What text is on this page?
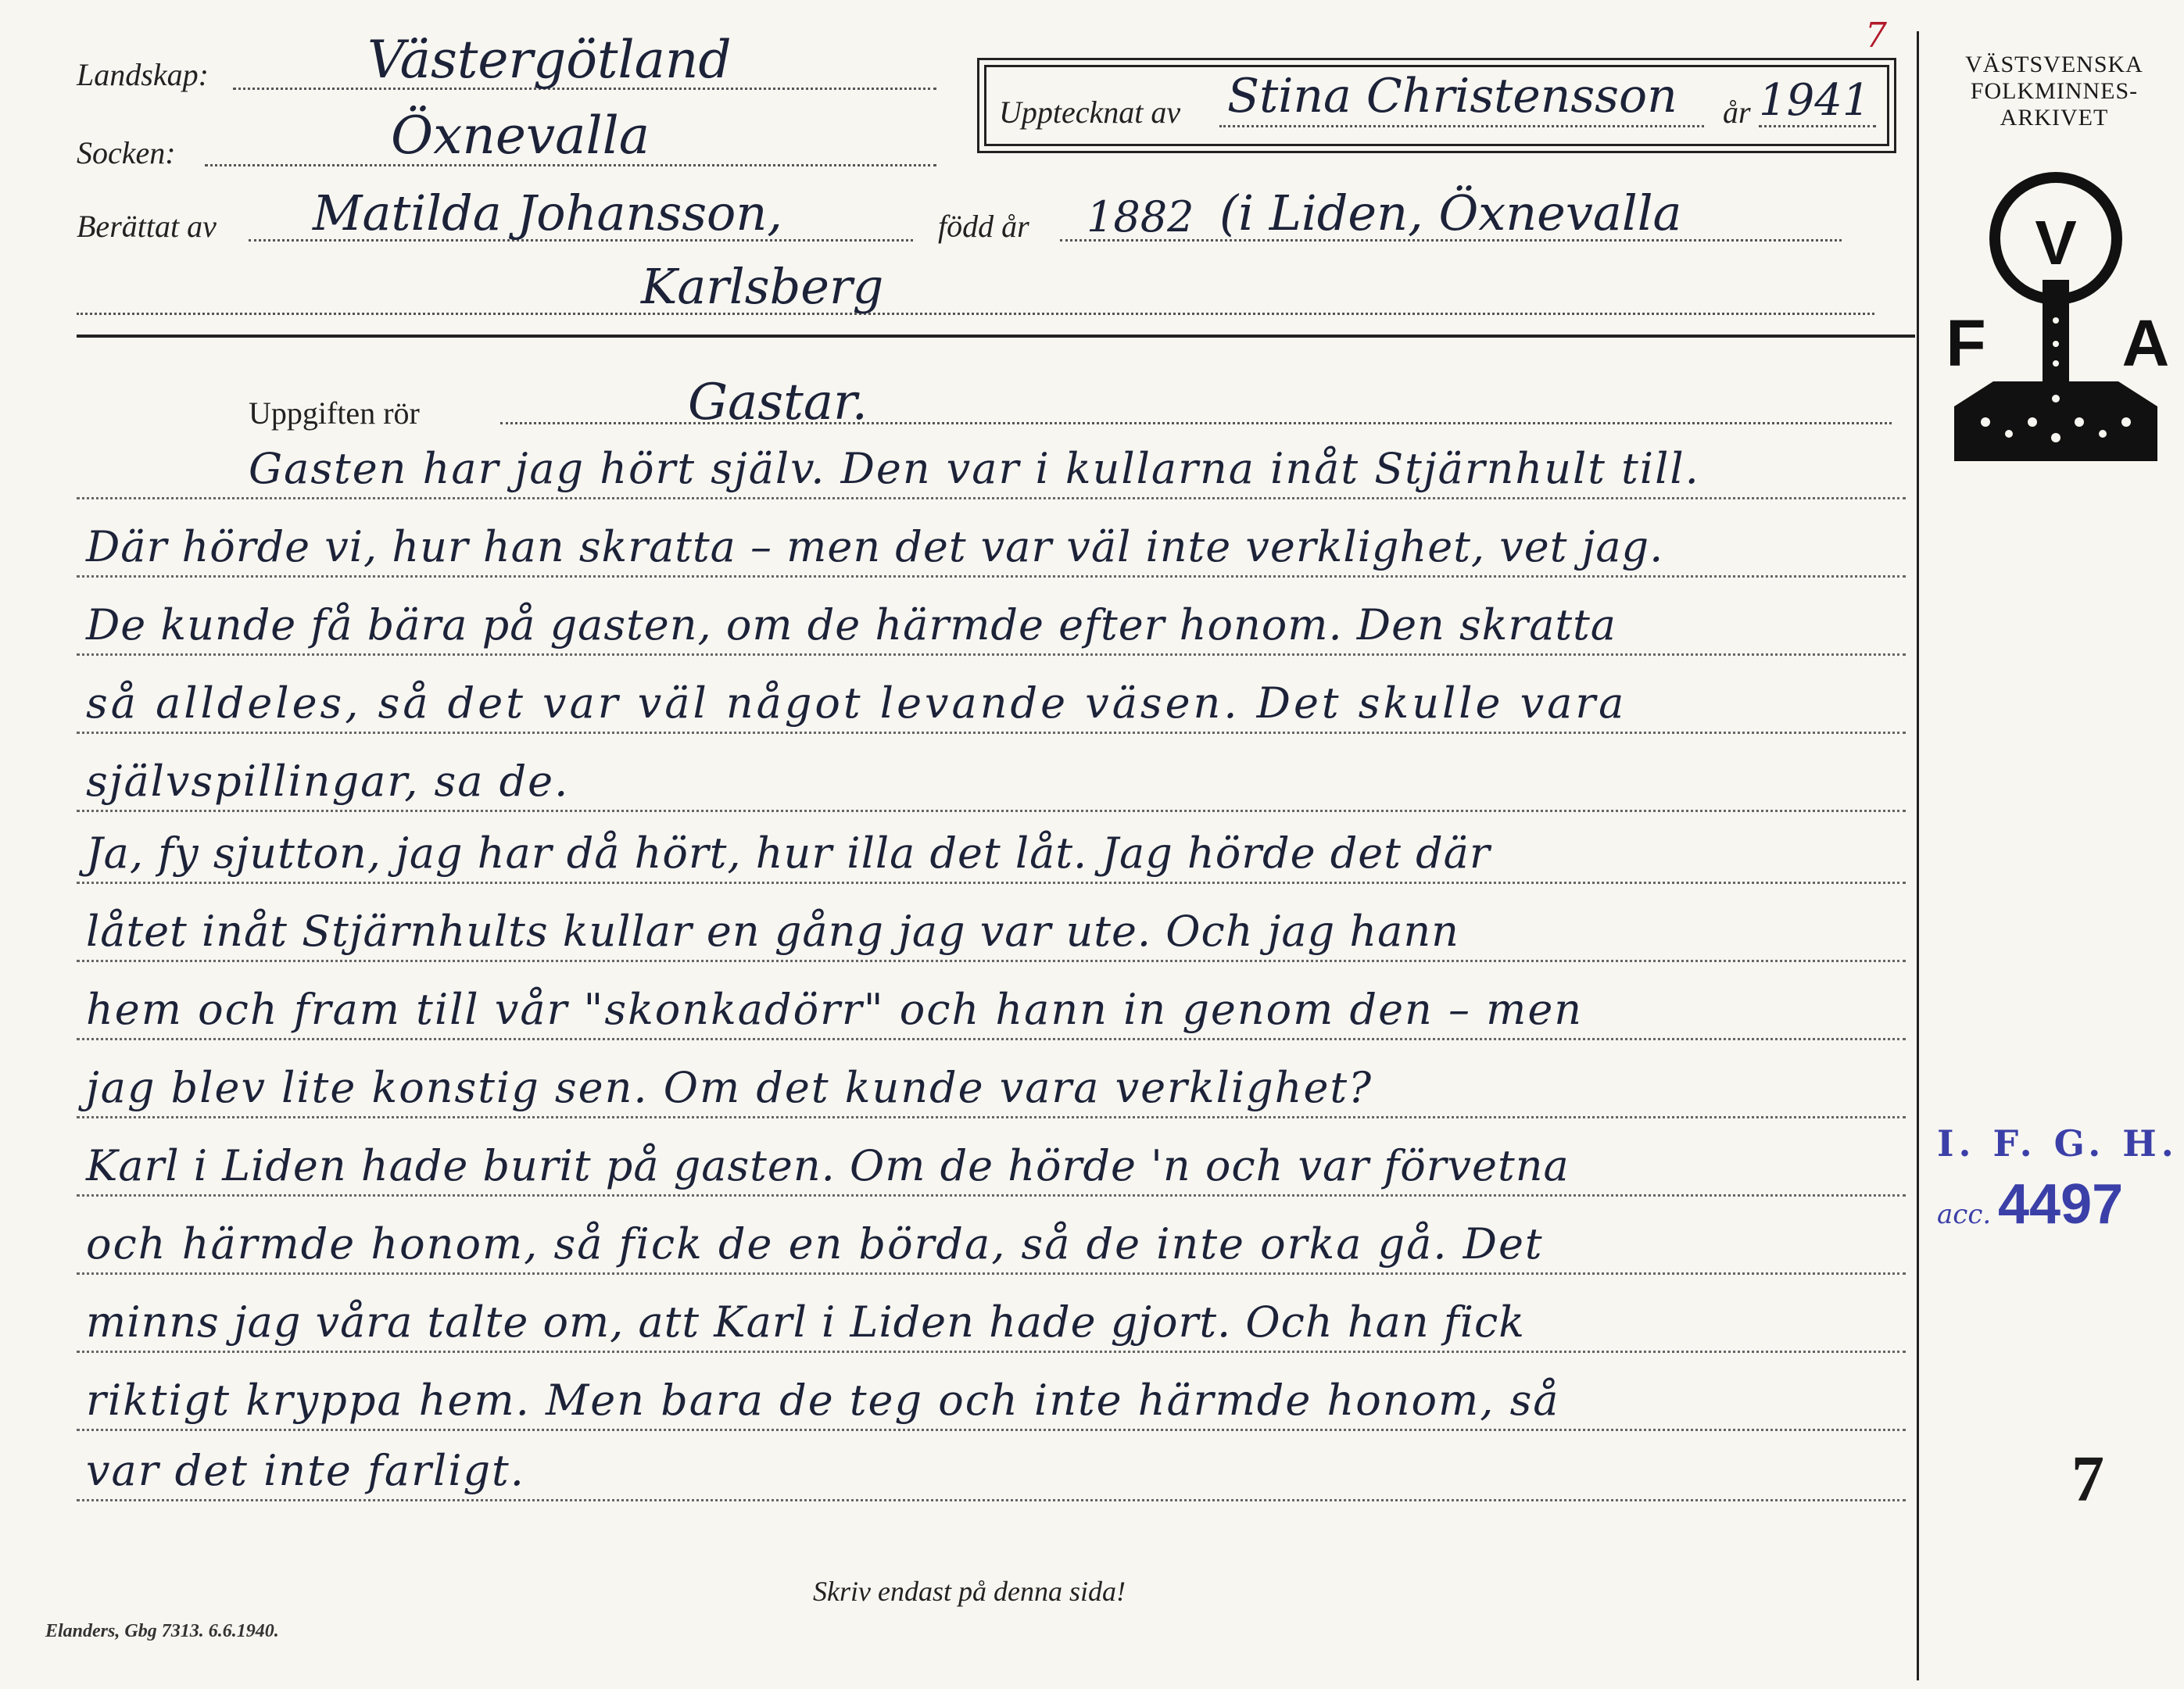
Landskap:	Västergötland
Socken:	Öxnevalla	Upptecknat av Stina Christensson år 1941
7
Berättat av Matilda Johansson,	född år 1882 (i Liden, Öxnevalla
Karlsberg
Uppgiften rör	Gastar.
Gasten har jag hört själv. Den var i kullarna inåt Stjärnhult till.
Där hörde vi, hur han skratta – men det var väl inte verklighet, vet jag.
De kunde få bära på gasten, om de härmde efter honom. Den skratta
så alldeles, så det var väl något levande väsen. Det skulle vara
självspillingar, sa de.
Ja, fy sjutton, jag har då hört, hur illa det låt. Jag hörde det där
låtet inåt Stjärnhults kullar en gång jag var ute. Och jag hann
hem och fram till vår "skonkadörr" och hann in genom den – men
jag blev lite konstig sen. Om det kunde vara verklighet?
Karl i Liden hade burit på gasten. Om de hörde 'n och var förvetna
och härmde honom, så fick de en börda, så de inte orka gå. Det
minns jag våra talte om, att Karl i Liden hade gjort. Och han fick
riktigt kryppa hem. Men bara de teg och inte härmde honom, så
var det inte farligt.
Skriv endast på denna sida!
Elanders, Gbg 7313. 6.6.1940.
VÄSTSVENSKA
FOLKMINNES-
ARKIVET
V
F A
I. F. G. H.
acc. 4497
7
